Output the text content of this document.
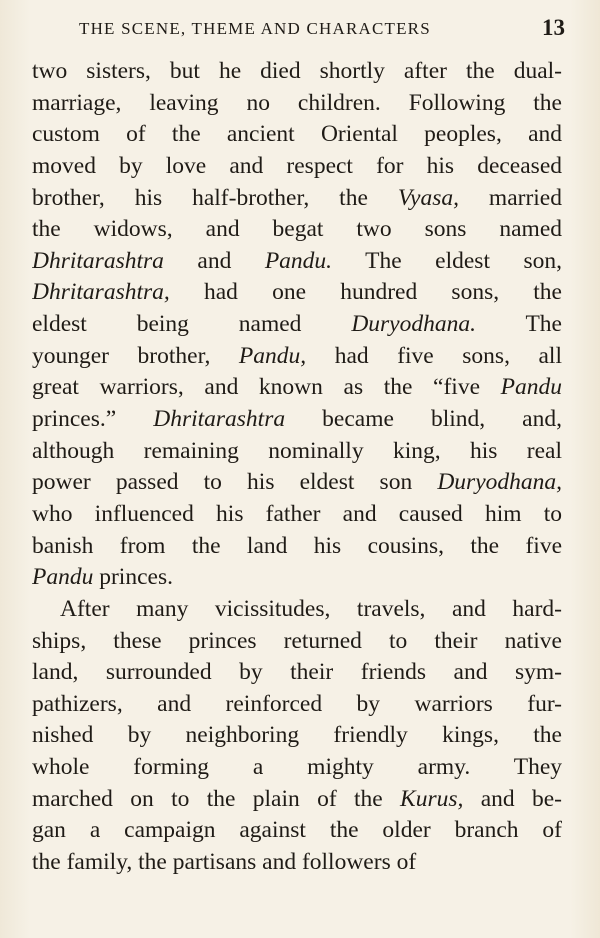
THE SCENE, THEME AND CHARACTERS	13
two sisters, but he died shortly after the dual-
marriage, leaving no children. Following the
custom of the ancient Oriental peoples, and
moved by love and respect for his deceased
brother, his half-brother, the Vyasa, married
the widows, and begat two sons named
Dhritarashtra and Pandu. The eldest son,
Dhritarashtra, had one hundred sons, the
eldest being named Duryodhana. The
younger brother, Pandu, had five sons, all
great warriors, and known as the “five Pandu
princes.” Dhritarashtra became blind, and,
although remaining nominally king, his real
power passed to his eldest son Duryodhana,
who influenced his father and caused him to
banish from the land his cousins, the five
Pandu princes.
After many vicissitudes, travels, and hard-
ships, these princes returned to their native
land, surrounded by their friends and sym-
pathizers, and reinforced by warriors fur-
nished by neighboring friendly kings, the
whole forming a mighty army. They
marched on to the plain of the Kurus, and be-
gan a campaign against the older branch of
the family, the partisans and followers of
